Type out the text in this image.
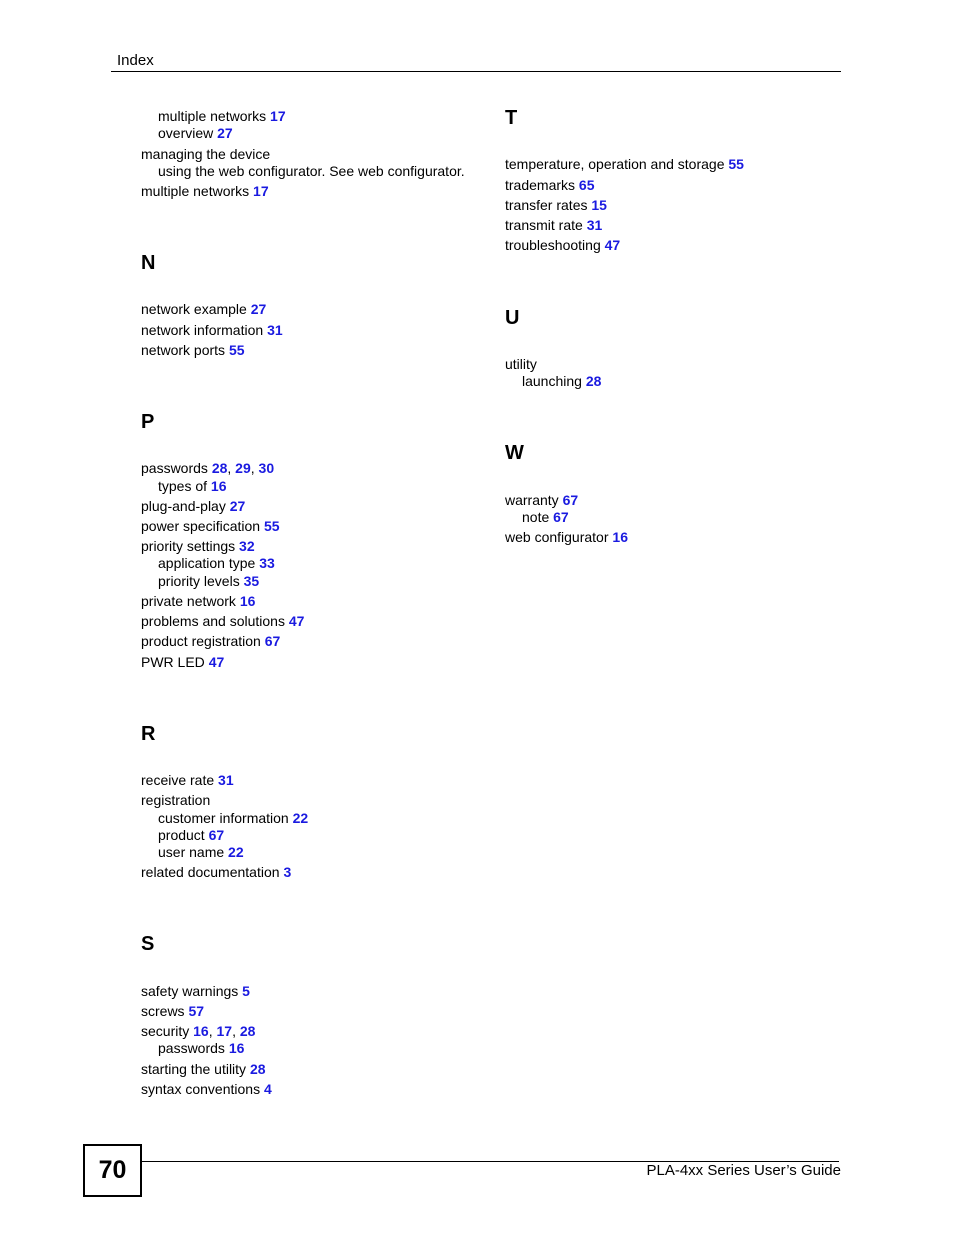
Index
multiple networks 17
overview 27
managing the device
using the web configurator. See web configurator.
multiple networks 17
N
network example 27
network information 31
network ports 55
P
passwords 28, 29, 30
types of 16
plug-and-play 27
power specification 55
priority settings 32
application type 33
priority levels 35
private network 16
problems and solutions 47
product registration 67
PWR LED 47
R
receive rate 31
registration
customer information 22
product 67
user name 22
related documentation 3
S
safety warnings 5
screws 57
security 16, 17, 28
passwords 16
starting the utility 28
syntax conventions 4
T
temperature, operation and storage 55
trademarks 65
transfer rates 15
transmit rate 31
troubleshooting 47
U
utility
launching 28
W
warranty 67
note 67
web configurator 16
70	PLA-4xx Series User’s Guide
